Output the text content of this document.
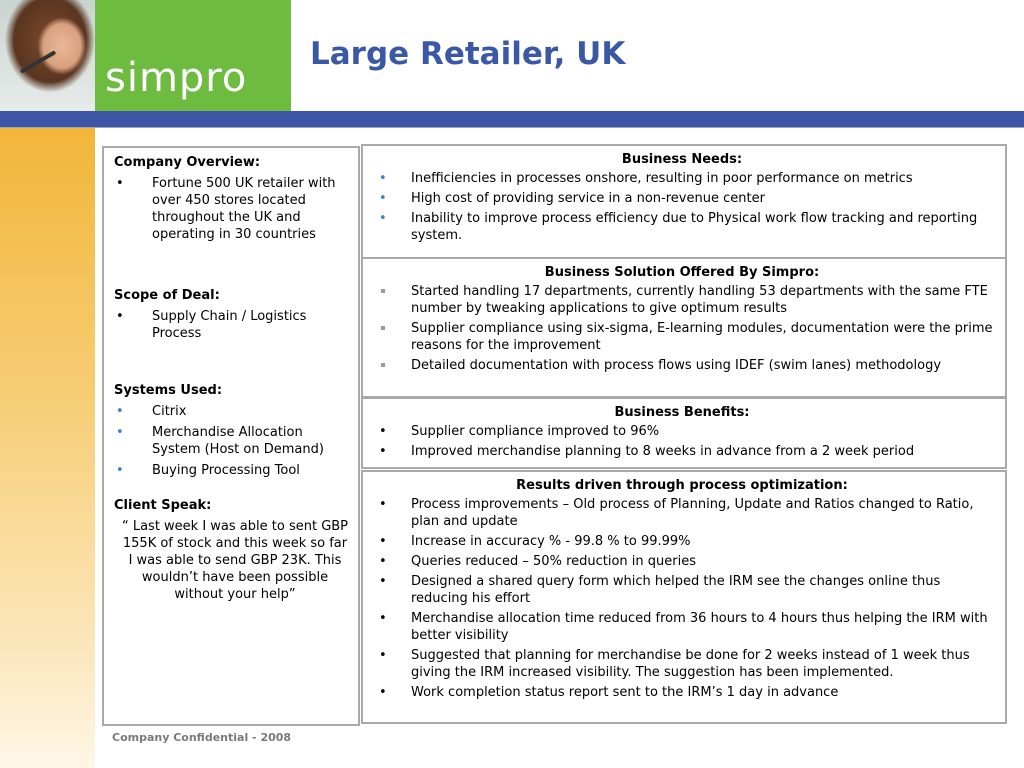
simpro
Large Retailer, UK
Company Overview:
• Fortune 500 UK retailer with over 450 stores located throughout the UK and operating in 30 countries
Scope of Deal:
• Supply Chain / Logistics Process
Systems Used:
• Citrix
• Merchandise Allocation System (Host on Demand)
• Buying Processing Tool
Client Speak:
“ Last week I was able to sent GBP 155K of stock and this week so far I was able to send GBP 23K. This wouldn’t have been possible without your help”
Business Needs:
• Inefficiencies in processes onshore, resulting in poor performance on metrics
• High cost of providing service in a non-revenue center
• Inability to improve process efficiency due to Physical work flow tracking and reporting system.
Business Solution Offered By Simpro:
Started handling 17 departments, currently handling 53 departments with the same FTE number by tweaking applications to give optimum results
Supplier compliance using six-sigma, E-learning modules, documentation were the prime reasons for the improvement
Detailed documentation with process flows using IDEF (swim lanes) methodology
Business Benefits:
• Supplier compliance improved to 96%
• Improved merchandise planning to 8 weeks in advance from a 2 week period
Results driven through process optimization:
• Process improvements – Old process of Planning, Update and Ratios changed to Ratio, plan and update
• Increase in accuracy % - 99.8 % to 99.99%
• Queries reduced – 50% reduction in queries
• Designed a shared query form which helped the IRM see the changes online thus reducing his effort
• Merchandise allocation time reduced from 36 hours to 4 hours thus helping the IRM with better visibility
• Suggested that planning for merchandise be done for 2 weeks instead of 1 week thus giving the IRM increased visibility. The suggestion has been implemented.
• Work completion status report sent to the IRM’s 1 day in advance
Company Confidential - 2008
